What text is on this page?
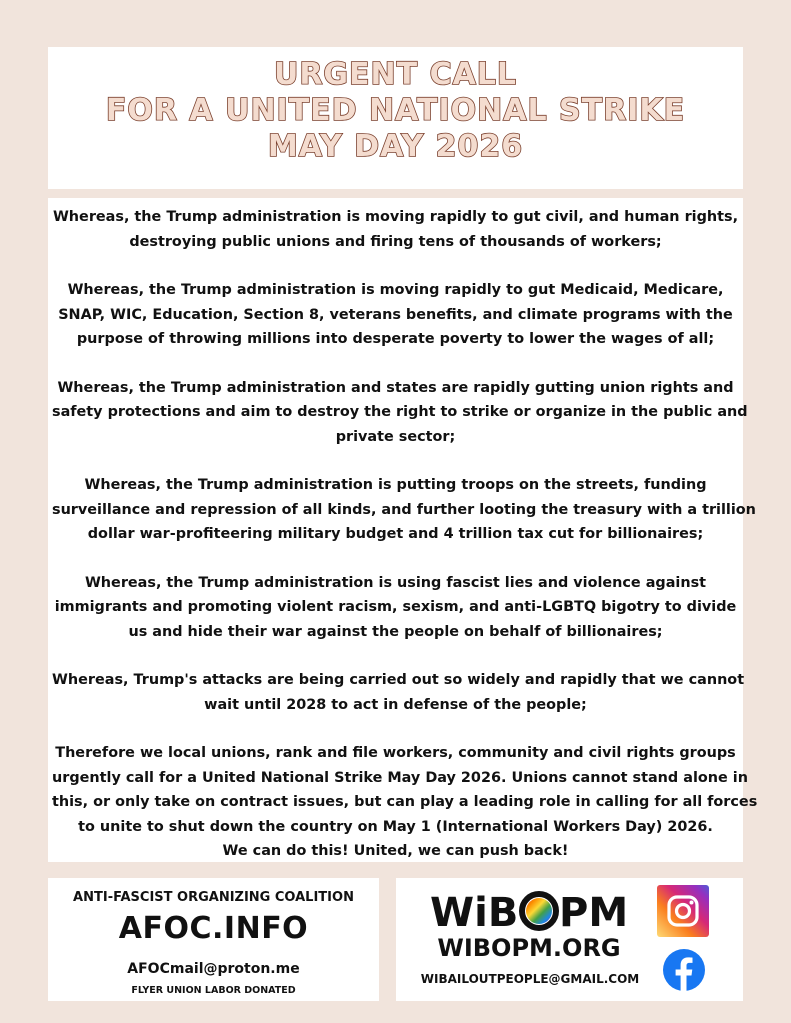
URGENT CALL
FOR A UNITED NATIONAL STRIKE
MAY DAY 2026

Whereas, the Trump administration is moving rapidly to gut civil, and human rights,
destroying public unions and firing tens of thousands of workers;

Whereas, the Trump administration is moving rapidly to gut Medicaid, Medicare,
SNAP, WIC, Education, Section 8, veterans benefits, and climate programs with the
purpose of throwing millions into desperate poverty to lower the wages of all;

Whereas, the Trump administration and states are rapidly gutting union rights and
safety protections and aim to destroy the right to strike or organize in the public and
private sector;

Whereas, the Trump administration is putting troops on the streets, funding
surveillance and repression of all kinds, and further looting the treasury with a trillion
dollar war-profiteering military budget and 4 trillion tax cut for billionaires;

Whereas, the Trump administration is using fascist lies and violence against
immigrants and promoting violent racism, sexism, and anti-LGBTQ bigotry to divide
us and hide their war against the people on behalf of billionaires;

Whereas, Trump's attacks are being carried out so widely and rapidly that we cannot
wait until 2028 to act in defense of the people;

Therefore we local unions, rank and file workers, community and civil rights groups
urgently call for a United National Strike May Day 2026. Unions cannot stand alone in
this, or only take on contract issues, but can play a leading role in calling for all forces
to unite to shut down the country on May 1 (International Workers Day) 2026.
We can do this! United, we can push back!

ANTI-FASCIST ORGANIZING COALITION
AFOC.INFO
AFOCmail@proton.me
FLYER UNION LABOR DONATED
WiB PM
WIBOPM.ORG
WIBAILOUTPEOPLE@GMAIL.COM
